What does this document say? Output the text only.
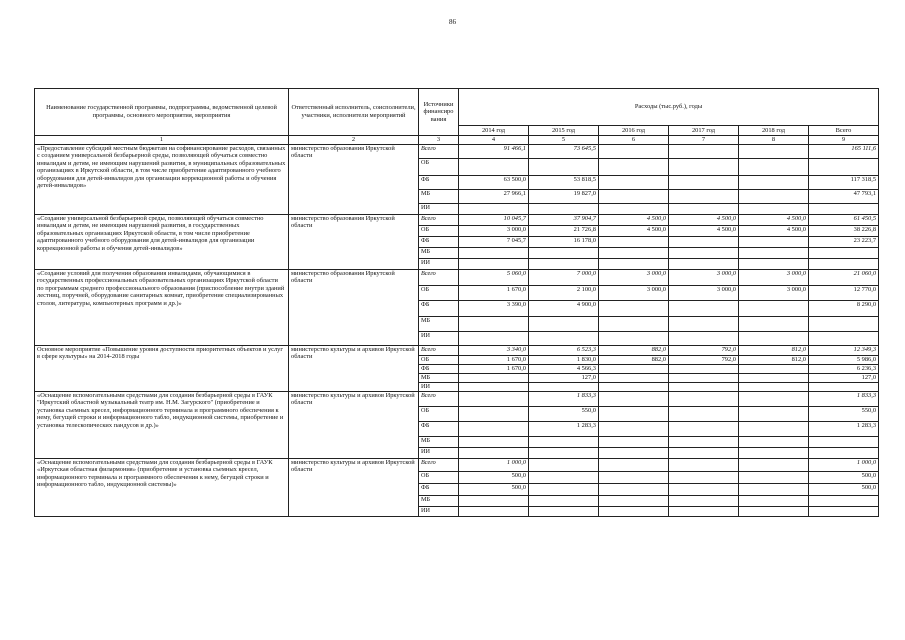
86
Наименование государственной программы, подпрограммы, ведомственной целевой программы, основного мероприятия, мероприятия	Ответственный исполнитель, соисполнители, участники, исполнители мероприятий	Источники финансиро вания	Расходы (тыс.руб.), годы					
			2014 год	2015 год	2016 год	2017 год	2018 год	Всего
1	2	3	4	5	6	7	8	9
«Предоставление субсидий местным бюджетам на софинансирование расходов, связанных с созданием универсальной безбарьерной среды, позволяющей обучаться совместно инвалидам и детям, не имеющим нарушений развития, в муниципальных образовательных организациях в Иркутской области, в том числе приобретение адаптированного учебного оборудования для детей-инвалидов для организации коррекционной работы и обучения детей-инвалидов»	министерство образования Иркутской области	Всего	91 466,1	73 645,5				165 111,6
		ОБ						
		ФБ	63 500,0	53 818,5				117 318,5
		МБ	27 966,1	19 827,0				47 793,1
		ИИ						
«Создание универсальной безбарьерной среды, позволяющей обучаться совместно инвалидам и детям, не имеющим нарушений развития, в государственных образовательных организациях Иркутской области, в том числе приобретение адаптированного учебного оборудования для детей-инвалидов для организации коррекционной работы и обучения детей-инвалидов»	министерство образования Иркутской области	Всего	10 045,7	37 904,7	4 500,0	4 500,0	4 500,0	61 450,5
		ОБ	3 000,0	21 726,8	4 500,0	4 500,0	4 500,0	38 226,8
		ФБ	7 045,7	16 178,0				23 223,7
		МБ						
		ИИ						
«Создание условий для получения образования инвалидами, обучающимися в государственных профессиональных образовательных организациях Иркутской области по программам среднего профессионального образования (приспособление внутри зданий лестниц, поручней, оборудование санитарных комнат, приобретение специализированных столов, литературы, компьютерных программ и др.)»	министерство образования Иркутской области	Всего	5 060,0	7 000,0	3 000,0	3 000,0	3 000,0	21 060,0
		ОБ	1 670,0	2 100,0	3 000,0	3 000,0	3 000,0	12 770,0
		ФБ	3 390,0	4 900,0				8 290,0
		МБ						
		ИИ						
Основное мероприятие «Повышение уровня доступности приоритетных объектов и услуг в сфере культуры» на 2014-2018 годы	министерство культуры и архивов Иркутской области	Всего	3 340,0	6 523,3	882,0	792,0	812,0	12 349,3
		ОБ	1 670,0	1 830,0	882,0	792,0	812,0	5 986,0
		ФБ	1 670,0	4 566,3				6 236,3
		МБ		127,0				127,0
		ИИ						
«Оснащение вспомогательными средствами для создания безбарьерной среды в ГАУК "Иркутский областной музыкальный театр им. Н.М. Загурского" (приобретение и установка съемных кресел, информационного терминала и программного обеспечения к нему, бегущей строки и информационного табло, индукционной системы, приобретение и установка телескопических пандусов и др.)»	министерство культуры и архивов Иркутской области	Всего		1 833,3				1 833,3
		ОБ		550,0				550,0
		ФБ		1 283,3				1 283,3
		МБ						
		ИИ						
«Оснащение вспомогательными средствами для создания безбарьерной среды в ГАУК «Иркутская областная филармония» (приобретение и установка съемных кресел, информационного терминала и программного обеспечения к нему, бегущей строки и информационного табло, индукционной системы)»	министерство культуры и архивов Иркутской области	Всего	1 000,0					1 000,0
		ОБ	500,0					500,0
		ФБ	500,0					500,0
		МБ						
		ИИ						
